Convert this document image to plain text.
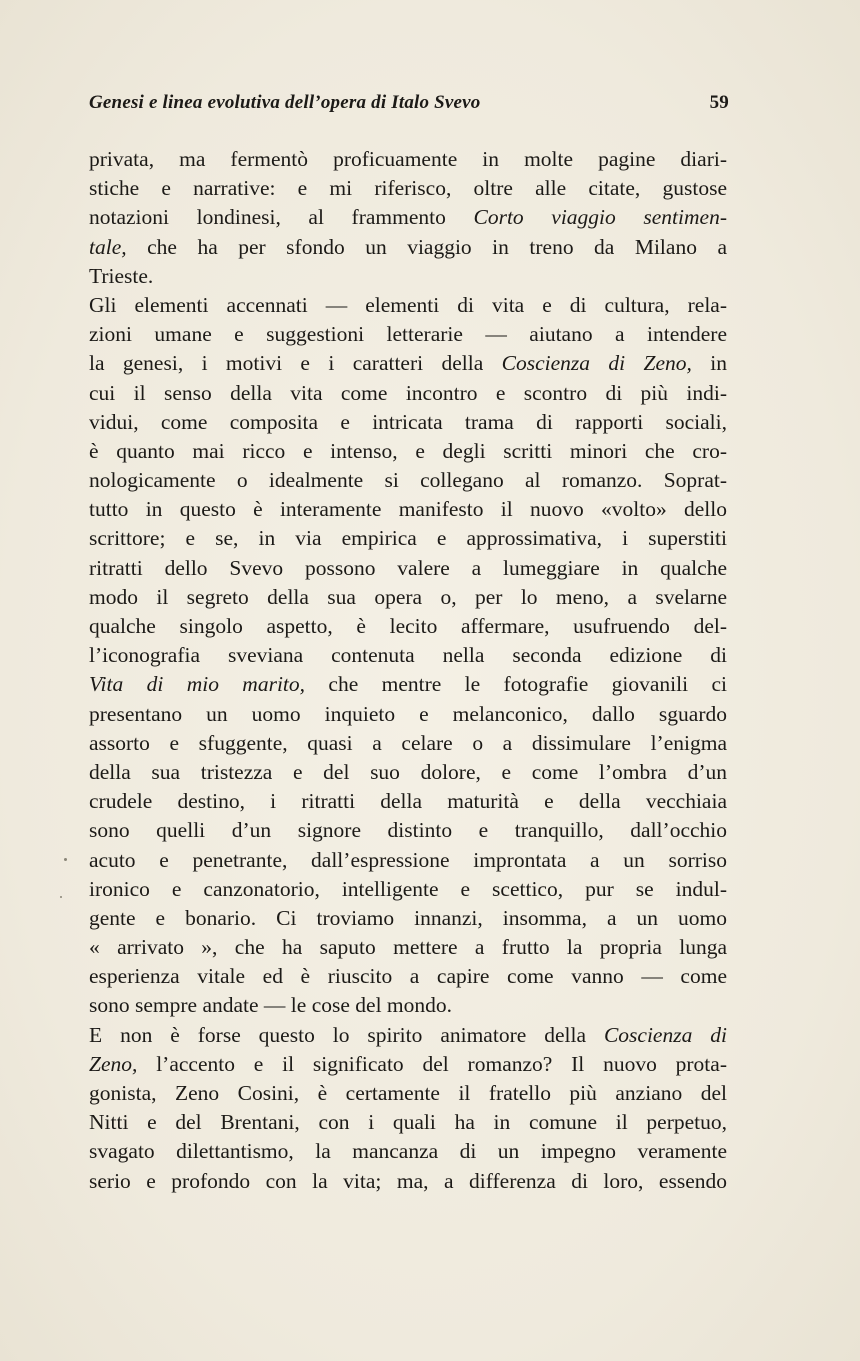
Genesi e linea evolutiva dell’opera di Italo Svevo	59
privata, ma fermentò proficuamente in molte pagine diari-
stiche e narrative: e mi riferisco, oltre alle citate, gustose
notazioni londinesi, al frammento Corto viaggio sentimen-
tale, che ha per sfondo un viaggio in treno da Milano a
Trieste.
Gli elementi accennati — elementi di vita e di cultura, rela-
zioni umane e suggestioni letterarie — aiutano a intendere
la genesi, i motivi e i caratteri della Coscienza di Zeno, in
cui il senso della vita come incontro e scontro di più indi-
vidui, come composita e intricata trama di rapporti sociali,
è quanto mai ricco e intenso, e degli scritti minori che cro-
nologicamente o idealmente si collegano al romanzo. Soprat-
tutto in questo è interamente manifesto il nuovo «volto» dello
scrittore; e se, in via empirica e approssimativa, i superstiti
ritratti dello Svevo possono valere a lumeggiare in qualche
modo il segreto della sua opera o, per lo meno, a svelarne
qualche singolo aspetto, è lecito affermare, usufruendo del-
l’iconografia sveviana contenuta nella seconda edizione di
Vita di mio marito, che mentre le fotografie giovanili ci
presentano un uomo inquieto e melanconico, dallo sguardo
assorto e sfuggente, quasi a celare o a dissimulare l’enigma
della sua tristezza e del suo dolore, e come l’ombra d’un
crudele destino, i ritratti della maturità e della vecchiaia
sono quelli d’un signore distinto e tranquillo, dall’occhio
acuto e penetrante, dall’espressione improntata a un sorriso
ironico e canzonatorio, intelligente e scettico, pur se indul-
gente e bonario. Ci troviamo innanzi, insomma, a un uomo
« arrivato », che ha saputo mettere a frutto la propria lunga
esperienza vitale ed è riuscito a capire come vanno — come
sono sempre andate — le cose del mondo.
E non è forse questo lo spirito animatore della Coscienza di
Zeno, l’accento e il significato del romanzo? Il nuovo prota-
gonista, Zeno Cosini, è certamente il fratello più anziano del
Nitti e del Brentani, con i quali ha in comune il perpetuo,
svagato dilettantismo, la mancanza di un impegno veramente
serio e profondo con la vita; ma, a differenza di loro, essendo
